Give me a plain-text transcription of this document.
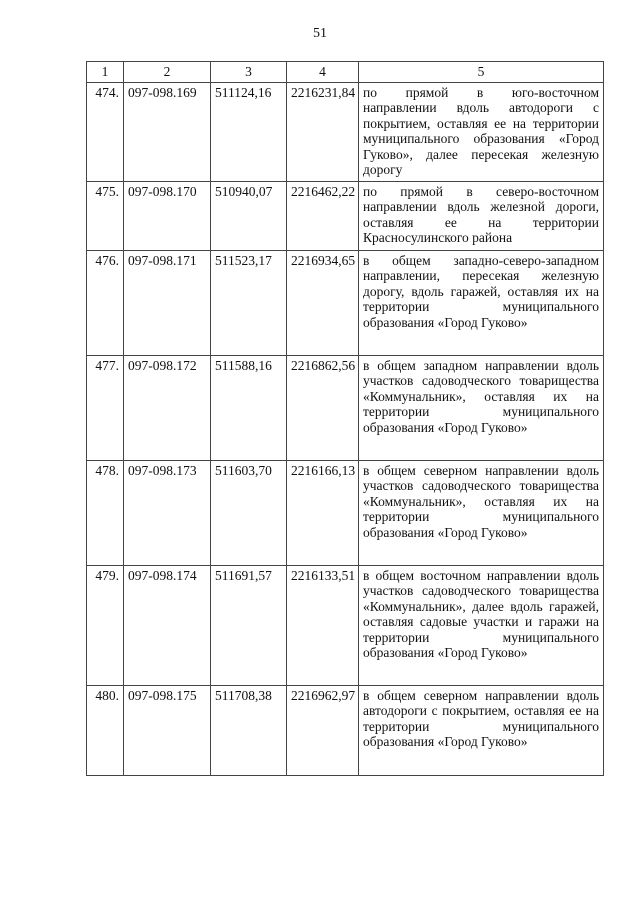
51
1	2	3	4	5
474.	097-098.169	511124,16	2216231,84	по прямой в юго-восточном направлении вдоль автодороги с покрытием, оставляя ее на территории муниципального образования «Город Гуково», далее пересекая железную дорогу
475.	097-098.170	510940,07	2216462,22	по прямой в северо-восточном направлении вдоль железной дороги, оставляя ее на территории Красносулинского района
476.	097-098.171	511523,17	2216934,65	в общем западно-северо-западном направлении, пересекая железную дорогу, вдоль гаражей, оставляя их на территории муниципального образования «Город Гуково»
477.	097-098.172	511588,16	2216862,56	в общем западном направлении вдоль участков садоводческого товарищества «Коммунальник», оставляя их на территории муниципального образования «Город Гуково»
478.	097-098.173	511603,70	2216166,13	в общем северном направлении вдоль участков садоводческого товарищества «Коммунальник», оставляя их на территории муниципального образования «Город Гуково»
479.	097-098.174	511691,57	2216133,51	в общем восточном направлении вдоль участков садоводческого товарищества «Коммунальник», далее вдоль гаражей, оставляя садовые участки и гаражи на территории муниципального образования «Город Гуково»
480.	097-098.175	511708,38	2216962,97	в общем северном направлении вдоль автодороги с покрытием, оставляя ее на территории муниципального образования «Город Гуково»
